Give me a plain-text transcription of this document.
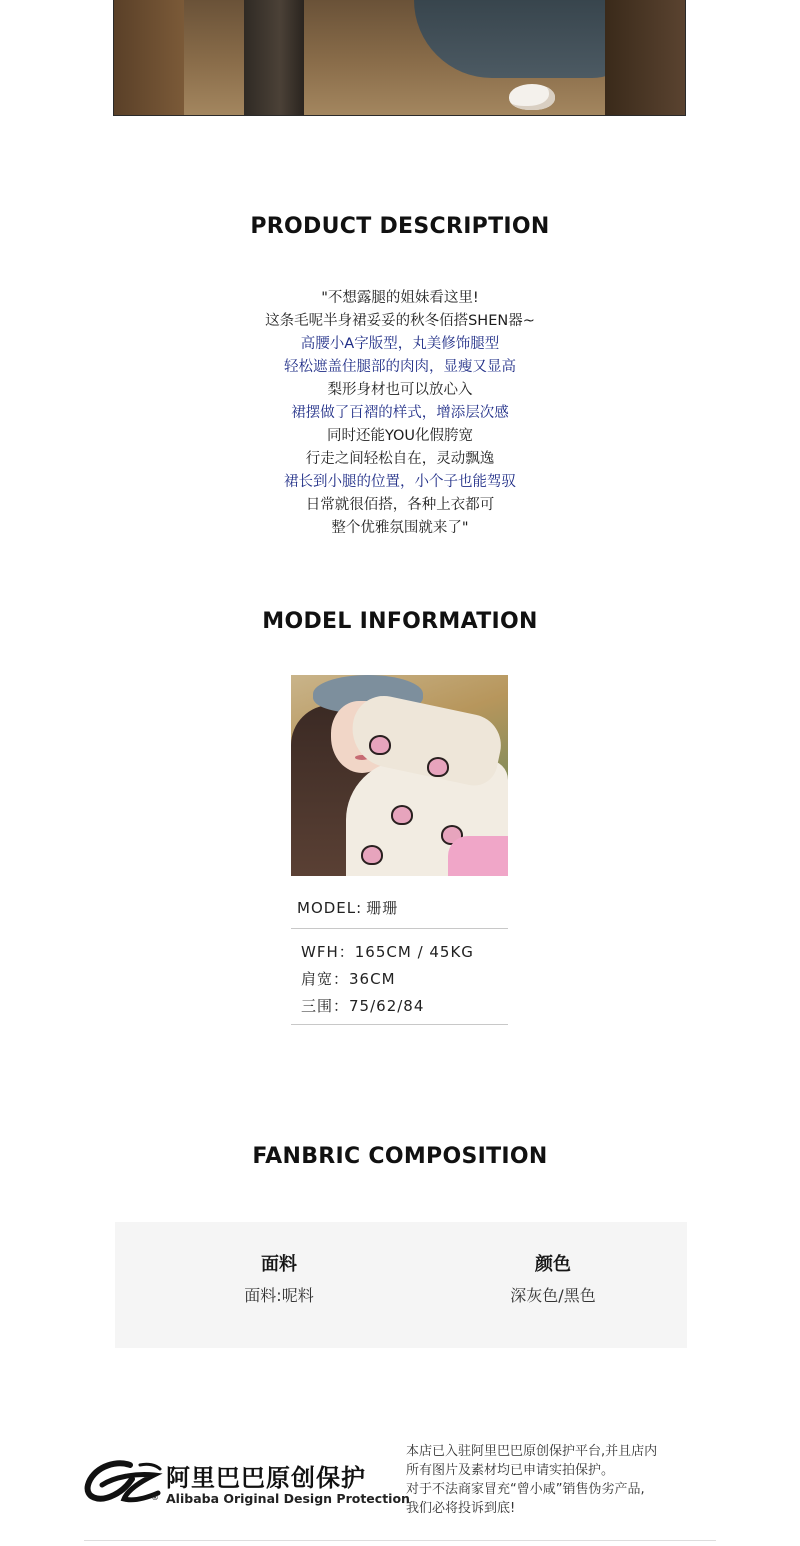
PRODUCT DESCRIPTION
"不想露腿的姐妹看这里!
这条毛呢半身裙妥妥的秋冬佰搭SHEN器~
高腰小A字版型，丸美修饰腿型
轻松遮盖住腿部的肉肉，显瘦又显高
梨形身材也可以放心入
裙摆做了百褶的样式，增添层次感
同时还能YOU化假胯宽
行走之间轻松自在，灵动飘逸
裙长到小腿的位置，小个子也能驾驭
日常就很佰搭，各种上衣都可
整个优雅氛围就来了"
MODEL INFORMATION
MODEL: 珊珊
WFH： 165CM / 45KG
肩宽： 36CM
三围： 75/62/84
FANBRIC COMPOSITION
面料
面料:呢料
颜色
深灰色/黑色
®
阿里巴巴原创保护
Alibaba Original Design Protection
本店已入驻阿里巴巴原创保护平台,并且店内
所有图片及素材均已申请实拍保护。
对于不法商家冒充“曾小咸”销售伪劣产品,
我们必将投诉到底!
